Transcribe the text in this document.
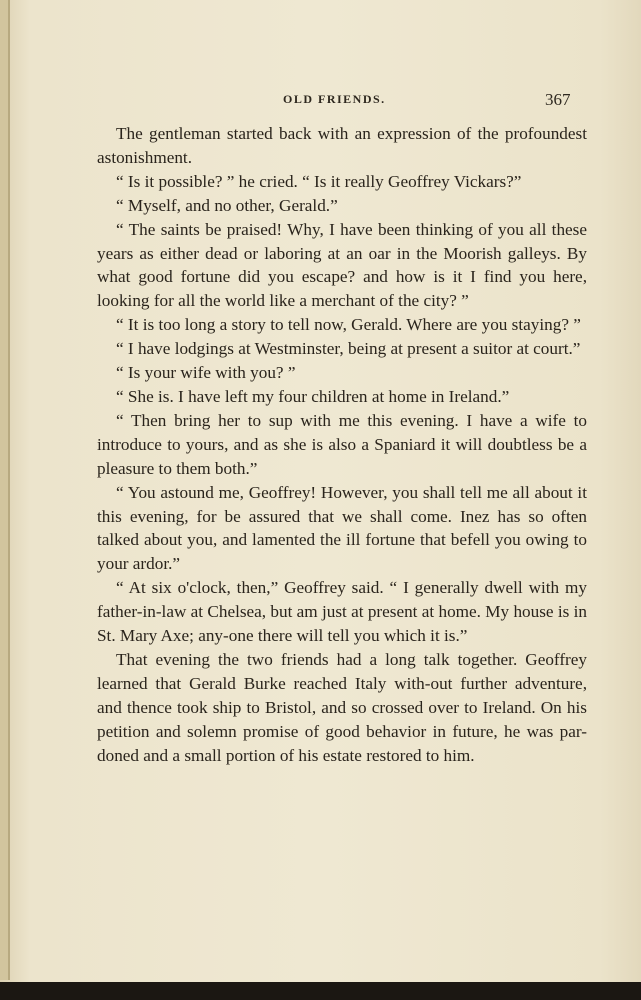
OLD FRIENDS.	367

The gentleman started back with an expression of the profoundest astonishment.

“ Is it possible? ” he cried. “ Is it really Geoffrey Vickars?”

“ Myself, and no other, Gerald.”

“ The saints be praised! Why, I have been thinking of you all these years as either dead or laboring at an oar in the Moorish galleys. By what good fortune did you escape? and how is it I find you here, looking for all the world like a merchant of the city? ”

“ It is too long a story to tell now, Gerald. Where are you staying? ”

“ I have lodgings at Westminster, being at present a suitor at court.”

“ Is your wife with you? ”

“ She is. I have left my four children at home in Ireland.”

“ Then bring her to sup with me this evening. I have a wife to introduce to yours, and as she is also a Spaniard it will doubtless be a pleasure to them both.”

“ You astound me, Geoffrey! However, you shall tell me all about it this evening, for be assured that we shall come. Inez has so often talked about you, and lamented the ill fortune that befell you owing to your ardor.”

“ At six o'clock, then,” Geoffrey said. “ I generally dwell with my father-in-law at Chelsea, but am just at present at home. My house is in St. Mary Axe; any-one there will tell you which it is.”

That evening the two friends had a long talk together. Geoffrey learned that Gerald Burke reached Italy with-out further adventure, and thence took ship to Bristol, and so crossed over to Ireland. On his petition and solemn promise of good behavior in future, he was par-doned and a small portion of his estate restored to him.
